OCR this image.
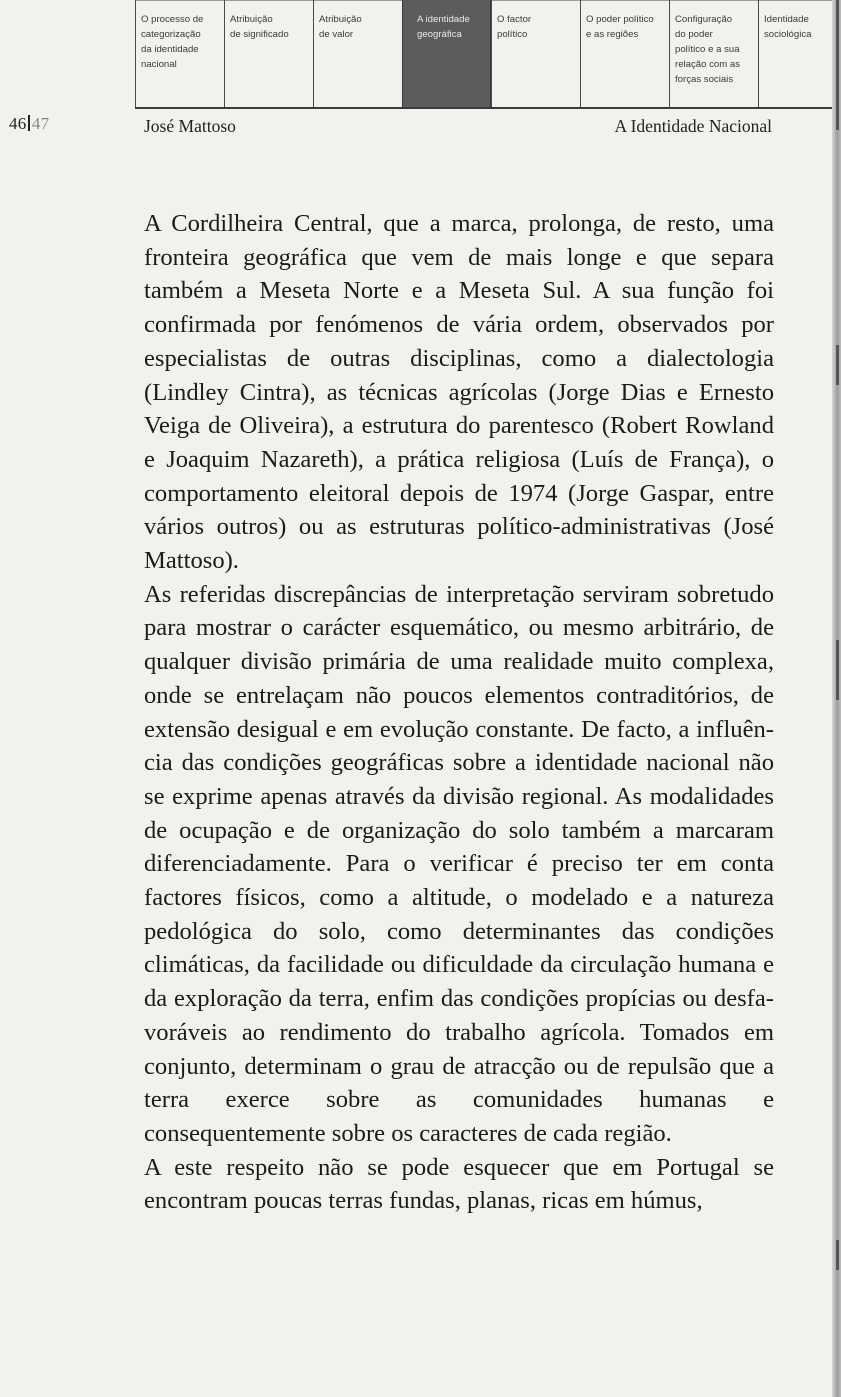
O processo de
categorização
da identidade
nacional
Atribuição
de significado
Atribuição
de valor
A identidade
geográfica
O factor
político
O poder político
e as regiões
Configuração
do poder
político e a sua
relação com as
forças sociais
Identidade
sociológica
46 47	José Mattoso	A Identidade Nacional

A Cordilheira Central, que a marca, prolonga, de resto, uma fronteira geográfica que vem de mais longe e que separa também a Meseta Norte e a Meseta Sul. A sua função foi confirmada por fenómenos de vária ordem, observados por especialistas de outras disciplinas, como a dialectologia (Lindley Cintra), as técnicas agrícolas (Jorge Dias e Ernesto Veiga de Oliveira), a estrutura do parentesco (Robert Rowland e Joaquim Nazareth), a prática religiosa (Luís de França), o comportamento eleitoral depois de 1974 (Jorge Gaspar, entre vários outros) ou as estruturas político-administrativas (José Mattoso).

As referidas discrepâncias de interpretação serviram sobretudo para mostrar o carácter esquemático, ou mesmo arbitrário, de qualquer divisão primária de uma realidade muito complexa, onde se entrelaçam não poucos elementos contraditórios, de extensão desigual e em evolução constante. De facto, a influência das condições geográficas sobre a identidade nacional não se exprime apenas através da divisão regional. As modalidades de ocupação e de organização do solo também a marcaram diferenciadamente. Para o verificar é preciso ter em conta factores físicos, como a altitude, o modelado e a natureza pedológica do solo, como determinantes das condições climáticas, da facilidade ou dificuldade da circulação humana e da exploração da terra, enfim das condições propícias ou desfavoráveis ao rendimento do trabalho agrícola. Tomados em conjunto, determinam o grau de atracção ou de repulsão que a terra exerce sobre as comunidades humanas e consequentemente sobre os caracteres de cada região.

A este respeito não se pode esquecer que em Portugal se encontram poucas terras fundas, planas, ricas em húmus,
